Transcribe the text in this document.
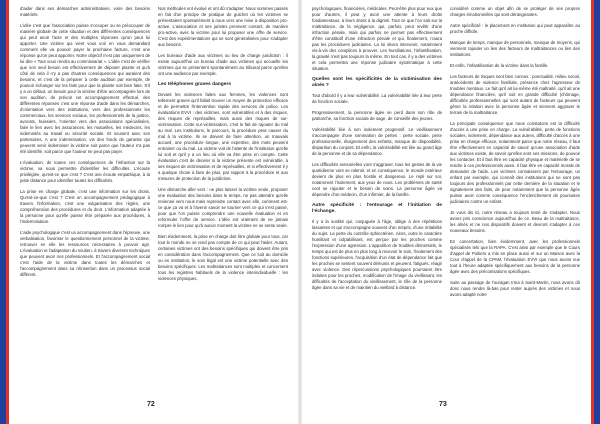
d'aider dans ses démarches administratives, voire des besoins matériels.

L'idée c'est que l'association puisse s'occuper ou se préoccuper de manière globale de cette situation et des différentes conséquences qui peut avoir l'acte et des multiples réponses qu'on peut lui apporter. Une victime qui vient vous voir en vous demandant comment elle va pouvoir payer la prochaine facture, c'est une réponse qu'on peut apporter. Notre objectif n'est pas uniquement de lui dire « Tout vous rendra au commissariat ». L'idée c'est de vérifier que son seul besoin est effectivement de déposer plainte et qu'à côté de cela il n'y a pas d'autres conséquences qui auraient des besoins, et c'est de la préparer à cette audition par exemple, de pouvoir échanger sur les faits pour que la plainte soit bien faite. S'il y a un défaut, un besoin pour la victime d'être accompagnée lors de son audition, de prévoir cet accompagnement effectué, des différentes réponses c'est une réponse d'aide dans les démarches, d'orientation vers des institutions, vers des professionnels les commerciaux, les services sociaux, les professionnels de la justice, avocats, huissiers, l'orienter vers des associations spécialisées, faire le lien avec les assurances, les mutuelles, les médecins, les indemnités au travail ou sécurité sociale. Et souvent avec ses partenaires. A une indemnisation, vis des fonds de garantie qui peuvent venir indemniser la victime soit parce que l'auteur n'a pas été identifié, soit parce que l'auteur ne peut pas payer.

L'évaluation, de toutes ces conséquences de l'infraction sur la victime, va nous permettre d'identifier les difficultés. L'écoute privilégiée, qu'est-ce que c'est ? C'est une écoute empathique, à la juste distance pour identifier toutes les difficultés.

La prise en charge globale, c'est une information sur les droits. Qu'est-ce-que c'est ? C'est un accompagnement pédagogique à travers l'information, c'est une vulgarisation des règles, une compréhension des procédures et du droit. L'information adaptée à la personne pour qu'elle puisse être préparée aux procédures, à l'indemnisation.

L'aide psychologique c'est un accompagnement dans l'épreuve, une verbalisation, favoriser le questionnement personnel de la victime, retrouver en elle les ressources nécessaires à pouvoir agir. L'évaluation et l'adaptation du soutien, à travers diverses techniques que peuvent avoir nos professionnels. Et l'accompagnement social c'est l'aide de la victime dans toutes les démarches et l'accompagnement dans sa réinsertion dans un processus social différent.

Nos méthodes ont évolué et ont dû s'adapter. Nous sommes passés en fait d'un principe de pratique de guichet où les victimes se présentaient spontanément à nous vers une mise à disposition pro-active. L'association et ses juristes prennent contact, de manière pro-active, avec la victime pour lui proposer une offre de service. C'est des expérimentations qui se sont généralisées pour s'adapter aux besoins.

Les bureaux d'aide aux victimes ou lieu de charge juridiction : il existe aujourd'hui un bureau d'aide aux victimes qui accueille les victimes qui se présentent spontanément au tribunal parce qu'elles ont une audience par exemple.

Les téléphones graves dangers

Devant les violences faites aux femmes, les violences sont tellement graves qu'il fallait trouver un moyen de protection efficace et de permettre l'intervention rapide des services de police. Les évaluations EVVI : des victimes, sont vulnérables et à des risques, des risques de représailles, mais aussi des risques de sur-victimisation. Cette sur-victimisation, c'est le fait de rajouter du mal au mal. Les institutions, le parcours, la procédure peut causer du mal à la victime. Ils se doivent de faire attention, un mauvais accueil, une procédure longue, une expertise, des mots peuvent entrainer ou du mal. La victime voit de l'attente de l'institution qu'elle lui soit et qu'il y a un lieu où elle va être prise en compte. Cette évaluation c'est de déceler si la victime présente est vulnérable, à ses risques de victimisation et de représailles, et si effectivement il y a quelque chose à faire de plus, par rapport à la procédure et aux mesures de protection de la juridiction.

Une démarche aller vers : ne plus laisser la victime seule, proposer une évaluation des besoins dans le temps, ne pas attendre qu'elle revienne vers nous mais reprendre contact avec elle, comment est-ce que ça va et à l'avenir savoir se tourner vers ce qui s'est passé, pour que l'on puisse comprendre une nouvelle évaluation et en reformuler l'offre de service. L'idée est vraiment de ne jamais rompre le lien pour qu'à aucun moment la victime ne se sente seule.

Bien évidemment, la prise en charge doit être globale pour tous, car tout le monde ne se rend pas compte de ce qui peut l'aider. Autant, certaines victimes ont des besoins spécifiques qui doivent être pris en considération dans l'accompagnement. Que ce soit au domicile ou en institution, le soin légal est une victime potentielle avec des besoins spécifiques. Les maltraitances sont multiples et concernent tous les registres habituels de la violence interindividuelle : les violences physiques,

72

psychologiques, financières, médicales. Peut-être plus pour eux que pour d'autres, il peut y avoir une attente à leurs droits fondamentaux, à leurs droits à la dignité. Tout ce que l'on sait sur la maltraitance, de la négligence, qui, parfois, peut revêtir d'une infraction pénale, mais qui parfois ne permet pas effectivement d'être constitutif d'une infraction pénale et qui, finalement, n'aura pas les procédures judiciaires. La loi devra intervenir, notamment vis-à-vis des complices à prouver. Les humiliations, l'infantilisation, la gravité n'est pas toujours la même. En tout cas, il y a des victimes et cela permettra une réponse judiciaire systématique à cette situation.

Quelles sont les spécificités de la victimisation des aînés ?

Tout d'abord il y a leur vulnérabilité. La vulnérabilité liée à leur perte de fonction sociale.

Progressivement, la personne âgée se perd dans son rôle de patriarche, sa fonction sociale de sage, de conseillé des jeunes.

Vulnérabilité liée à son isolement progressif. Le vieillissement s'accompagne d'une sommation de pertes : perte sociale, perte professionnelle, éloignement des enfants, manque de disponibilité, disparition du conjoint. Et enfin, la vulnérabilité est liée au grand âge de la personne et de sa dépendance.

Les difficultés sensorielles vont s'aggraver, tous les gestes de la vie quotidienne vont se ralentir, et en conséquence, le monde extérieur devient de plus en plus hostile et dangereux. Le repli sur soi, notamment l'isolement, aux yeux de nous. Les problèmes de santé vont se rajouter et le besoin de soins. La personne âgée va dépendre d'un médecin, d'un infirmier, de la famille.

Autre spécificité : l'entourage et l'initiation de l'échange.

Il y a la surdité qui, conjuguée à l'âge, oblige à des répétitions lassantes et qui s'accompagne souvent d'un mépris, d'une irritabilité du sujet. La perte du contrôle sphinctérien. Alors, outre le caractère humiliant et culpabilisant, est perçue par les proches comme l'expression d'une agression. L'apparition de troubles démentiels, le temps qui est de plus en plus long à recevoir le soin, l'isolement des fonctions supérieures, l'acquisition d'un état de dépendance fait que les proches se sentent souvent démunis et peuvent, fatigués, réagir avec violence. Des répercussions psychologiques pourraient être induites pour les proches, modification de l'image du vieillissant, les difficultés de l'acceptation du vieillissement, le rôle de la personne âgée dans sa vie et de maintien du vieillard à distance.

considéré comme un objet afin de se protéger de ses propres charges émotionnelles qui sont dérangeantes.

Autre spécificité : le placement en institution qui peut apparaître au proche difficile.

Manque de temps, manque de personnels, manque de moyens, qui viennent rajouter un lien des facteurs de maltraitances ou lien des institutions.

Et enfin, l'infantilisation de la victime dans la famille.

Les facteurs de risques sont bien connus : ponctualité, milieu social, antécédents de violence familiale, présence chez l'agresseur de troubles mentaux. Le fait qu'il ait lui-même été maltraité, qu'il ait une dépendance financière, qu'il soit en grande difficulté (chômage, difficultés professionnelles qui sont autant de facteurs qui peuvent gêner la relation avec la personne âgée et viennent aggraver le terrain de la maltraitance.

La principale conséquence que nous constatons est la difficulté d'accès à une prise en charge. La vulnérabilité, perte de fonctions sociales, isolement, dépendance aux autres, difficulté d'accès à une prise en charge efficace, notamment parce que notre réseau, il faut être effectivement en capacité de savoir qu'une association d'aide aux victimes existe, de savoir qu'elles sont ses missions, de pouvoir les contacter. Et il faut être en capacité physique et matérielle de se rendre à ces professionnels aussi. Il faut être en capacité morale de demander de l'aide. Les victimes connaissent par l'entourage, un enfant par exemple, qui connaît des institutions qui ne sont pas toujours des professionnels par cette dernière de la situation et le signalement des faits, de peur notamment que la personne âgée puisse avoir comme conséquence l'enclenchement de poursuites judiciaires contre un enfant.

Je vous dis ici, notre réseau a toujours tenté de s'adapter. Nous avons pris conscience aujourd'hui de ce. Beau de la maltraitance, les aînés et ne nos dispositifs doivent et devront s'adapter à ces nouveaux besoins.

En concertation, bien évidemment, avec les professionnels spécialisés tels que la RAPA. C'est ainsi par exemple que le Cours d'appel de Poitiers a mis en place aussi et sur un Maison avec la Cour d'appel de la CPAM, l'évaluation EVVI que nous avons vue tout à l'heure adaptée spécifiquement aux besoins de la personne âgée avec des préconisations spécifiques.

Suite au passage de l'ouragan Irma à Saint-Martin, nous avons dû donc nous rendre là-bas pour rester auprès des victimes et nous avons adapté notre

73
